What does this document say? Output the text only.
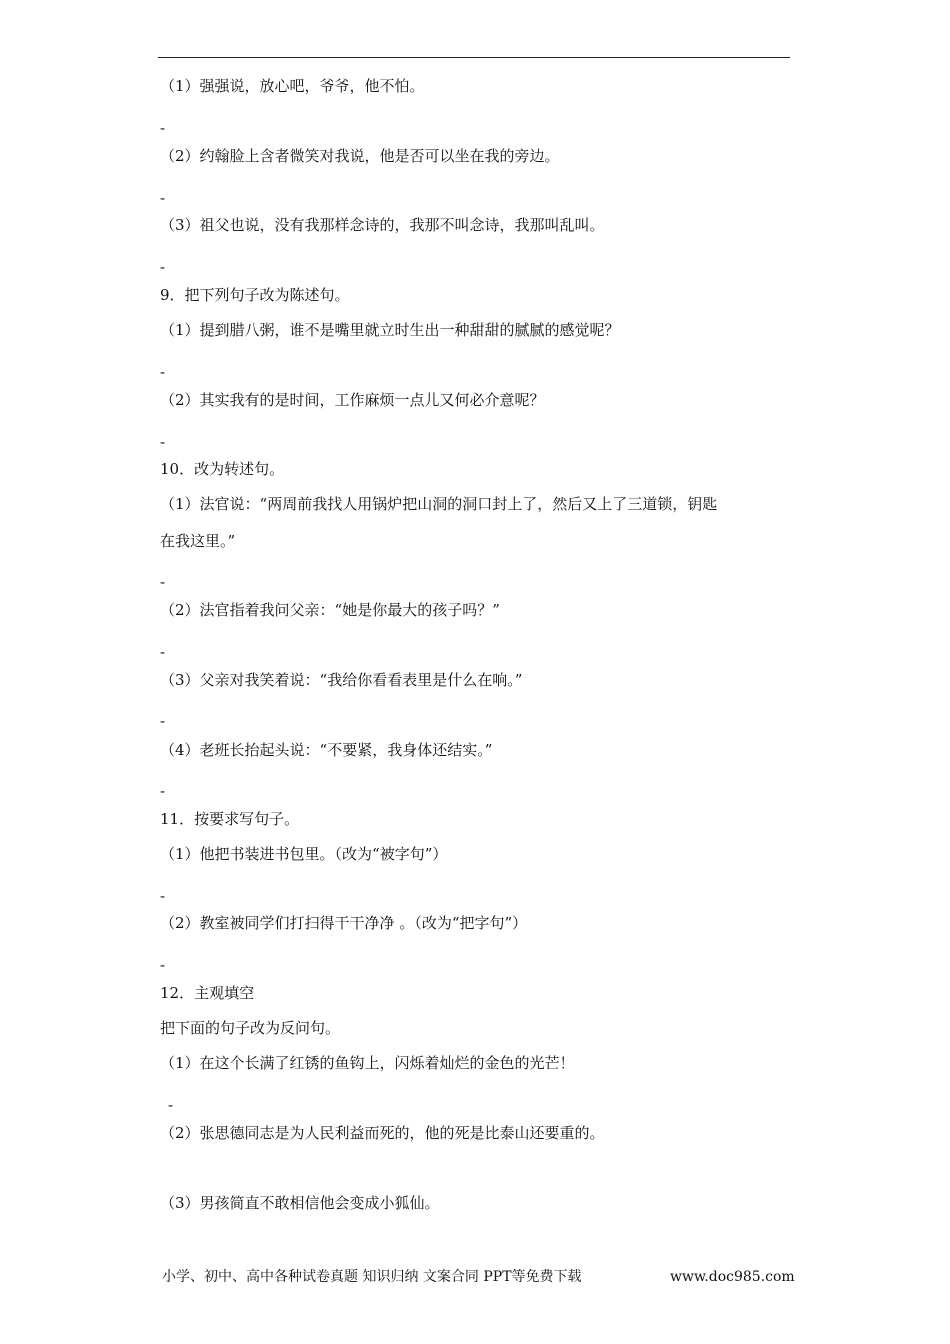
（1）强强说，放心吧，爷爷，他不怕。
-
（2）约翰脸上含者微笑对我说，他是否可以坐在我的旁边。
-
（3）祖父也说，没有我那样念诗的，我那不叫念诗，我那叫乱叫。
-
9．把下列句子改为陈述句。
（1）提到腊八粥，谁不是嘴里就立时生出一种甜甜的腻腻的感觉呢？
-
（2）其实我有的是时间，工作麻烦一点儿又何必介意呢？
-
10．改为转述句。
（1）法官说：“两周前我找人用锅炉把山洞的洞口封上了，然后又上了三道锁，钥匙
在我这里。”
-
（2）法官指着我问父亲：“她是你最大的孩子吗？”
-
（3）父亲对我笑着说：“我给你看看表里是什么在响。”
-
（4）老班长抬起头说：“不要紧，我身体还结实。”
-
11．按要求写句子。
（1）他把书装进书包里。（改为“被字句”）
-
（2）教室被同学们打扫得干干净净 。（改为“把字句”）
-
12．主观填空
把下面的句子改为反问句。
（1）在这个长满了红锈的鱼钩上，闪烁着灿烂的金色的光芒！
-
（2）张思德同志是为人民利益而死的，他的死是比泰山还要重的。
（3）男孩简直不敢相信他会变成小狐仙。
小学、初中、高中各种试卷真题 知识归纳 文案合同 PPT等免费下载	www.doc985.com
